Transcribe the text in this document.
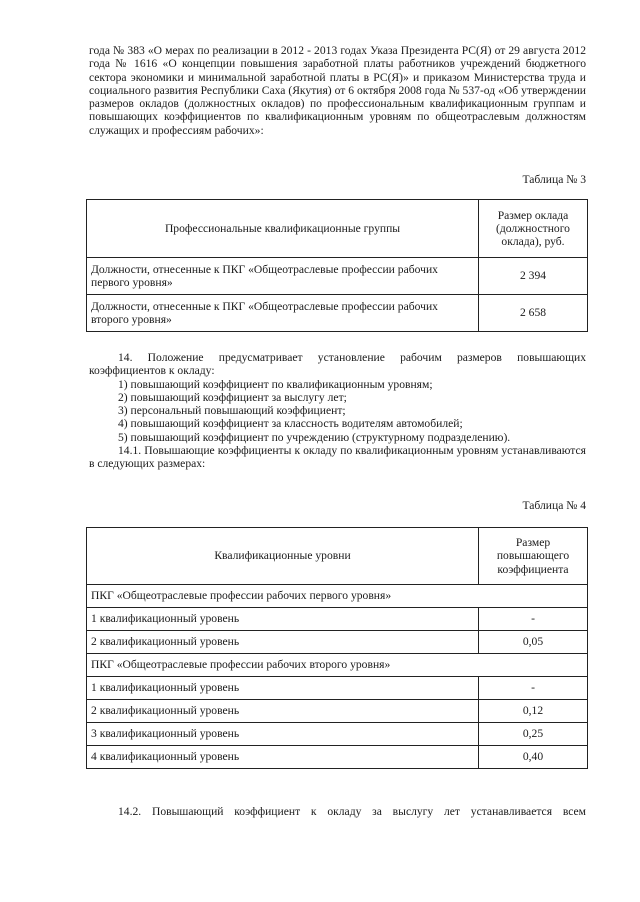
года № 383 «О мерах по реализации в 2012 - 2013 годах Указа Президента РС(Я) от 29 августа 2012 года № 1616 «О концепции повышения заработной платы работников учреждений бюджетного сектора экономики и минимальной заработной платы в РС(Я)» и приказом Министерства труда и социального развития Республики Саха (Якутия) от 6 октября 2008 года № 537-од «Об утверждении размеров окладов (должностных окладов) по профессиональным квалификационным группам и повышающих коэффициентов по квалификационным уровням по общеотраслевым должностям служащих и профессиям рабочих»:

Таблица № 3

Профессиональные квалификационные группы	Размер оклада (должностного оклада), руб.
Должности, отнесенные к ПКГ «Общеотраслевые профессии рабочих первого уровня»	2 394
Должности, отнесенные к ПКГ «Общеотраслевые профессии рабочих второго уровня»	2 658

14. Положение предусматривает установление рабочим размеров повышающих коэффициентов к окладу:

1) повышающий коэффициент по квалификационным уровням;
2) повышающий коэффициент за выслугу лет;
3) персональный повышающий коэффициент;
4) повышающий коэффициент за классность водителям автомобилей;
5) повышающий коэффициент по учреждению (структурному подразделению).

14.1. Повышающие коэффициенты к окладу по квалификационным уровням устанавливаются в следующих размерах:

Таблица № 4

Квалификационные уровни	Размер повышающего коэффициента
ПКГ «Общеотраслевые профессии рабочих первого уровня»	
1 квалификационный уровень	-
2 квалификационный уровень	0,05
ПКГ «Общеотраслевые профессии рабочих второго уровня»	
1 квалификационный уровень	-
2 квалификационный уровень	0,12
3 квалификационный уровень	0,25
4 квалификационный уровень	0,40

14.2. Повышающий коэффициент к окладу за выслугу лет устанавливается всем
